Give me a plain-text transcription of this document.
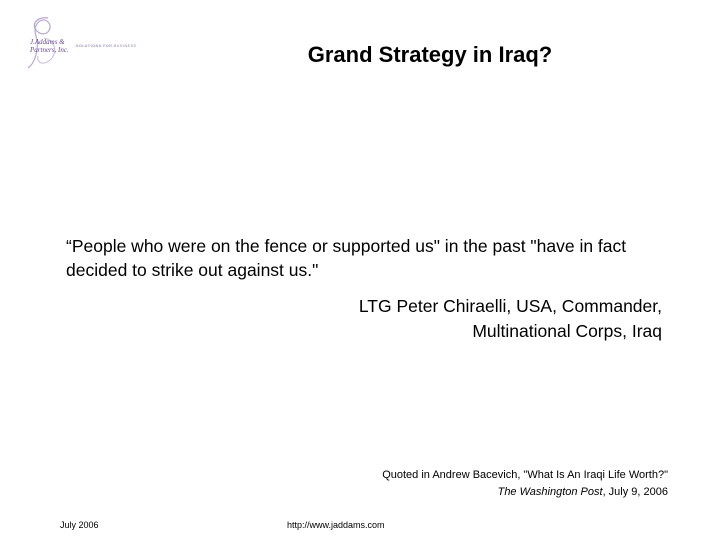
J.Addams &
Partners, Inc. SOLUTIONS FOR BUSINESS	Grand Strategy in Iraq?
“People who were on the fence or supported us" in the past "have in fact decided to strike out against us."
LTG Peter Chiraelli, USA, Commander,
Multinational Corps, Iraq
Quoted in Andrew Bacevich, "What Is An Iraqi Life Worth?"
The Washington Post, July 9, 2006
July 2006	http://www.jaddams.com
